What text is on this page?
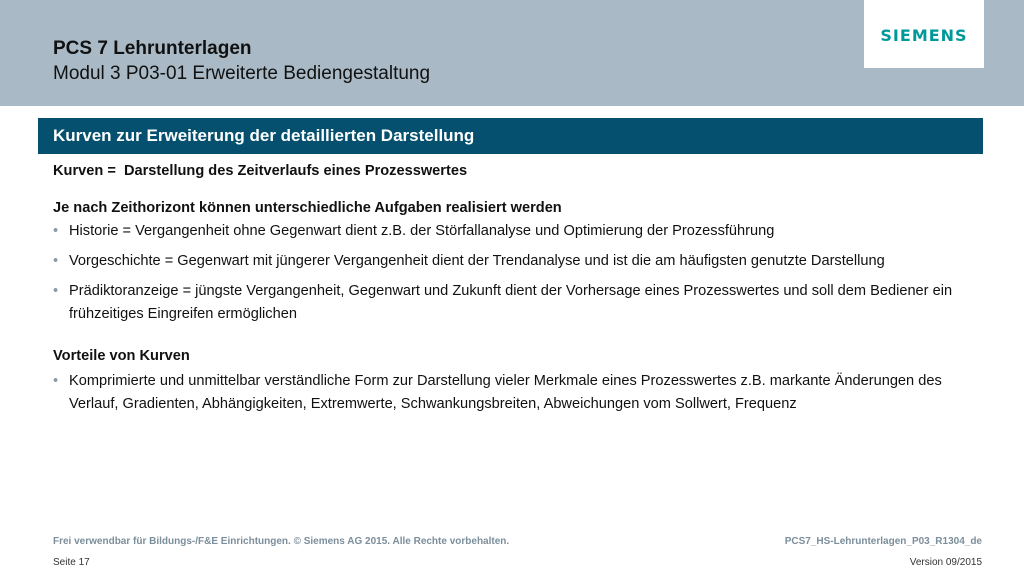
PCS 7 Lehrunterlagen
Modul 3 P03-01 Erweiterte Bediengestaltung
SIEMENS
Kurven zur Erweiterung der detaillierten Darstellung
Kurven = Darstellung des Zeitverlaufs eines Prozesswertes
Je nach Zeithorizont können unterschiedliche Aufgaben realisiert werden
• Historie = Vergangenheit ohne Gegenwart dient z.B. der Störfallanalyse und Optimierung der Prozessführung
• Vorgeschichte = Gegenwart mit jüngerer Vergangenheit dient der Trendanalyse und ist die am häufigsten genutzte Darstellung
• Prädiktoranzeige = jüngste Vergangenheit, Gegenwart und Zukunft dient der Vorhersage eines Prozesswertes und soll dem Bediener ein frühzeitiges Eingreifen ermöglichen
Vorteile von Kurven
• Komprimierte und unmittelbar verständliche Form zur Darstellung vieler Merkmale eines Prozesswertes z.B. markante Änderungen des Verlauf, Gradienten, Abhängigkeiten, Extremwerte, Schwankungsbreiten, Abweichungen vom Sollwert, Frequenz
Frei verwendbar für Bildungs-/F&E Einrichtungen. © Siemens AG 2015. Alle Rechte vorbehalten.	PCS7_HS-Lehrunterlagen_P03_R1304_de
Seite 17	Version 09/2015
